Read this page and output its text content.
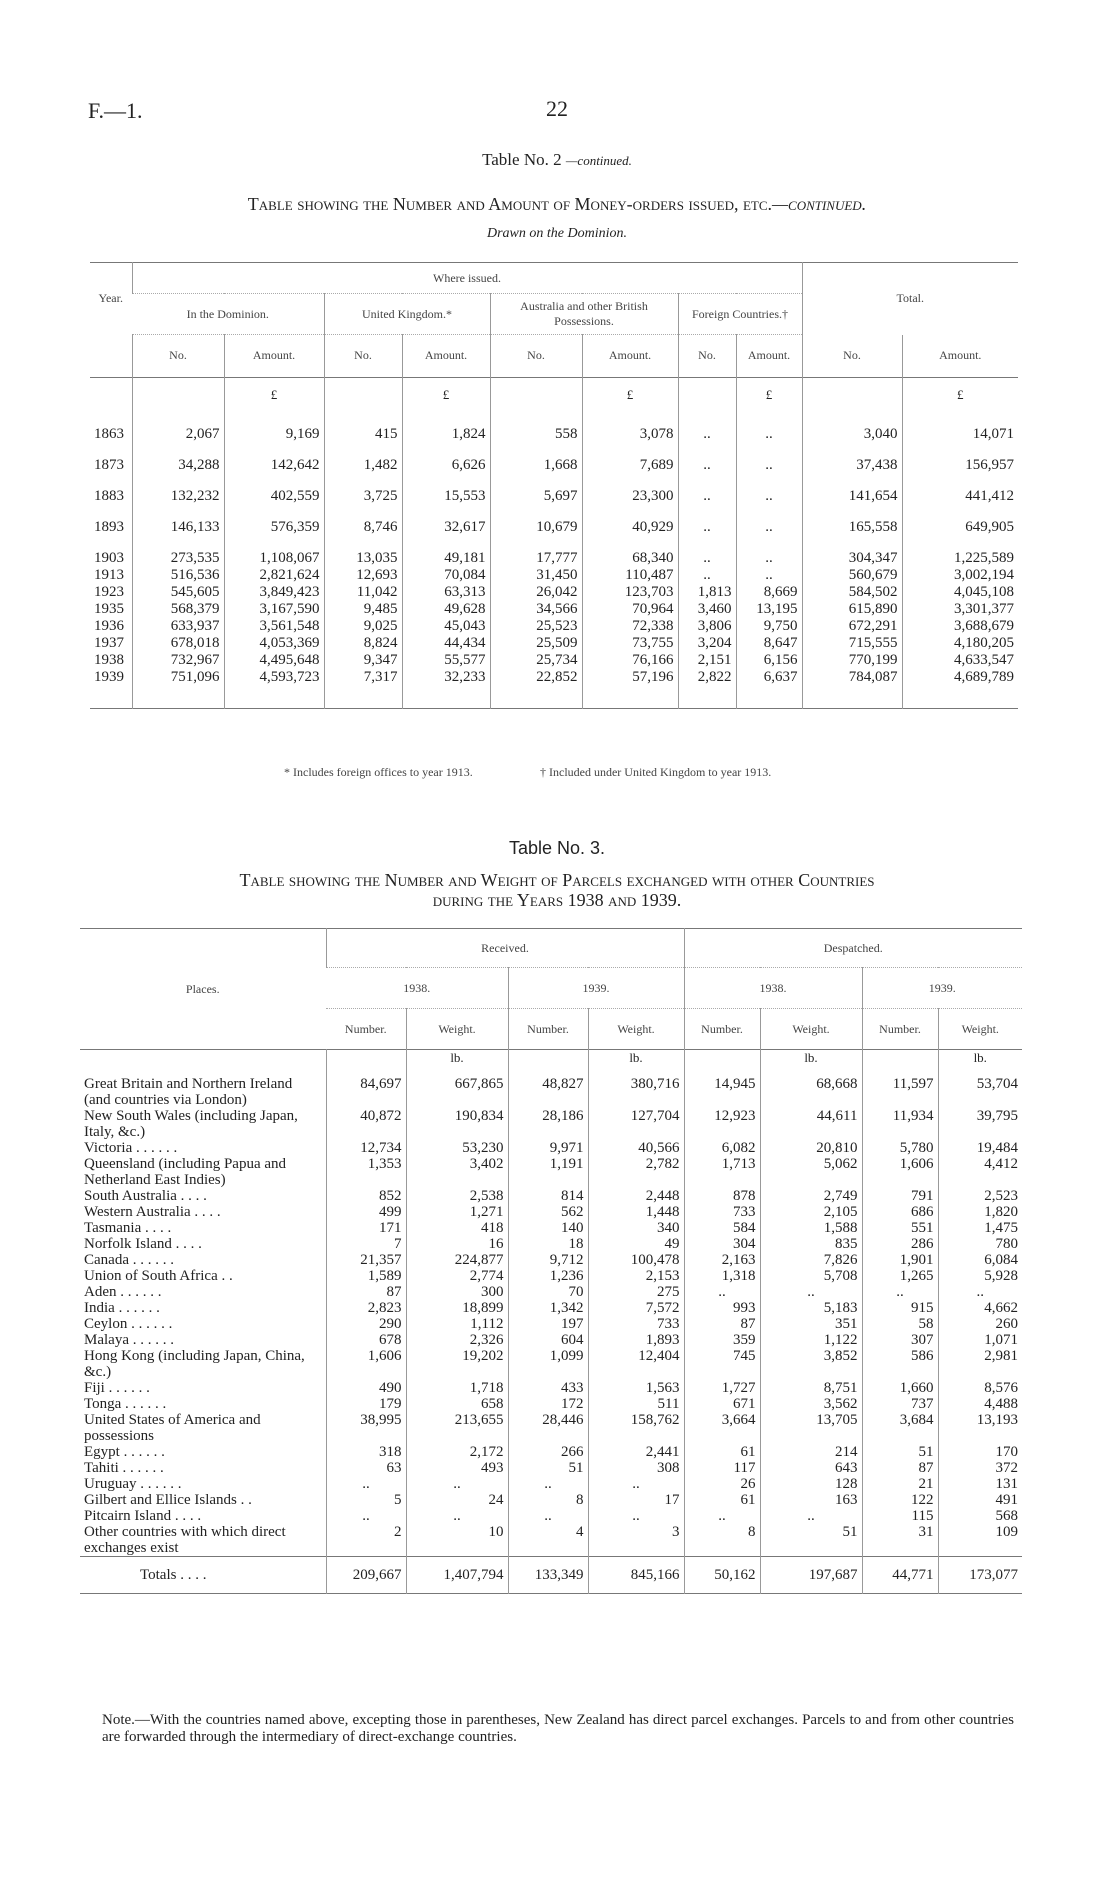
F.—1.	22
Table No. 2 —continued.
Table showing the Number and Amount of Money-orders issued, etc.—continued.
Drawn on the Dominion.
Year.	Where issued.								Total.	
	In the Dominion.		United Kingdom.*		Australia and other British Possessions.		Foreign Countries.†			
	No.	Amount.	No.	Amount.	No.	Amount.	No.	Amount.	No.	Amount.
		£		£		£		£		£
1863	2,067	9,169	415	1,824	558	3,078	..	..	3,040	14,071
1873	34,288	142,642	1,482	6,626	1,668	7,689	..	..	37,438	156,957
1883	132,232	402,559	3,725	15,553	5,697	23,300	..	..	141,654	441,412
1893	146,133	576,359	8,746	32,617	10,679	40,929	..	..	165,558	649,905
1903	273,535	1,108,067	13,035	49,181	17,777	68,340	..	..	304,347	1,225,589
1913	516,536	2,821,624	12,693	70,084	31,450	110,487	..	..	560,679	3,002,194
1923	545,605	3,849,423	11,042	63,313	26,042	123,703	1,813	8,669	584,502	4,045,108
1935	568,379	3,167,590	9,485	49,628	34,566	70,964	3,460	13,195	615,890	3,301,377
1936	633,937	3,561,548	9,025	45,043	25,523	72,338	3,806	9,750	672,291	3,688,679
1937	678,018	4,053,369	8,824	44,434	25,509	73,755	3,204	8,647	715,555	4,180,205
1938	732,967	4,495,648	9,347	55,577	25,734	76,166	2,151	6,156	770,199	4,633,547
1939	751,096	4,593,723	7,317	32,233	22,852	57,196	2,822	6,637	784,087	4,689,789
* Includes foreign offices to year 1913.	† Included under United Kingdom to year 1913.
Table No. 3.
Table showing the Number and Weight of Parcels exchanged with other Countries
during the Years 1938 and 1939.
Places.	Received.				Despatched.			
	1938.		1939.		1938.		1939.	
	Number.	Weight.	Number.	Weight.	Number.	Weight.	Number.	Weight.
		lb.		lb.		lb.		lb.
Great Britain and Northern Ireland (and countries via London)	84,697	667,865	48,827	380,716	14,945	68,668	11,597	53,704
New South Wales (including Japan, Italy, &c.)	40,872	190,834	28,186	127,704	12,923	44,611	11,934	39,795
Victoria . . . . . .	12,734	53,230	9,971	40,566	6,082	20,810	5,780	19,484
Queensland (including Papua and Netherland East Indies)	1,353	3,402	1,191	2,782	1,713	5,062	1,606	4,412
South Australia . . . .	852	2,538	814	2,448	878	2,749	791	2,523
Western Australia . . . .	499	1,271	562	1,448	733	2,105	686	1,820
Tasmania . . . .	171	418	140	340	584	1,588	551	1,475
Norfolk Island . . . .	7	16	18	49	304	835	286	780
Canada . . . . . .	21,357	224,877	9,712	100,478	2,163	7,826	1,901	6,084
Union of South Africa . .	1,589	2,774	1,236	2,153	1,318	5,708	1,265	5,928
Aden . . . . . .	87	300	70	275	..	..	..	..
India . . . . . .	2,823	18,899	1,342	7,572	993	5,183	915	4,662
Ceylon . . . . . .	290	1,112	197	733	87	351	58	260
Malaya . . . . . .	678	2,326	604	1,893	359	1,122	307	1,071
Hong Kong (including Japan, China, &c.)	1,606	19,202	1,099	12,404	745	3,852	586	2,981
Fiji . . . . . .	490	1,718	433	1,563	1,727	8,751	1,660	8,576
Tonga . . . . . .	179	658	172	511	671	3,562	737	4,488
United States of America and possessions	38,995	213,655	28,446	158,762	3,664	13,705	3,684	13,193
Egypt . . . . . .	318	2,172	266	2,441	61	214	51	170
Tahiti . . . . . .	63	493	51	308	117	643	87	372
Uruguay . . . . . .	..	..	..	..	26	128	21	131
Gilbert and Ellice Islands . .	5	24	8	17	61	163	122	491
Pitcairn Island . . . .	..	..	..	..	..	..	115	568
Other countries with which direct exchanges exist	2	10	4	3	8	51	31	109
Totals . . . .	209,667	1,407,794	133,349	845,166	50,162	197,687	44,771	173,077
Note.—With the countries named above, excepting those in parentheses, New Zealand has direct parcel exchanges. Parcels to and from other countries are forwarded through the intermediary of direct-exchange countries.
